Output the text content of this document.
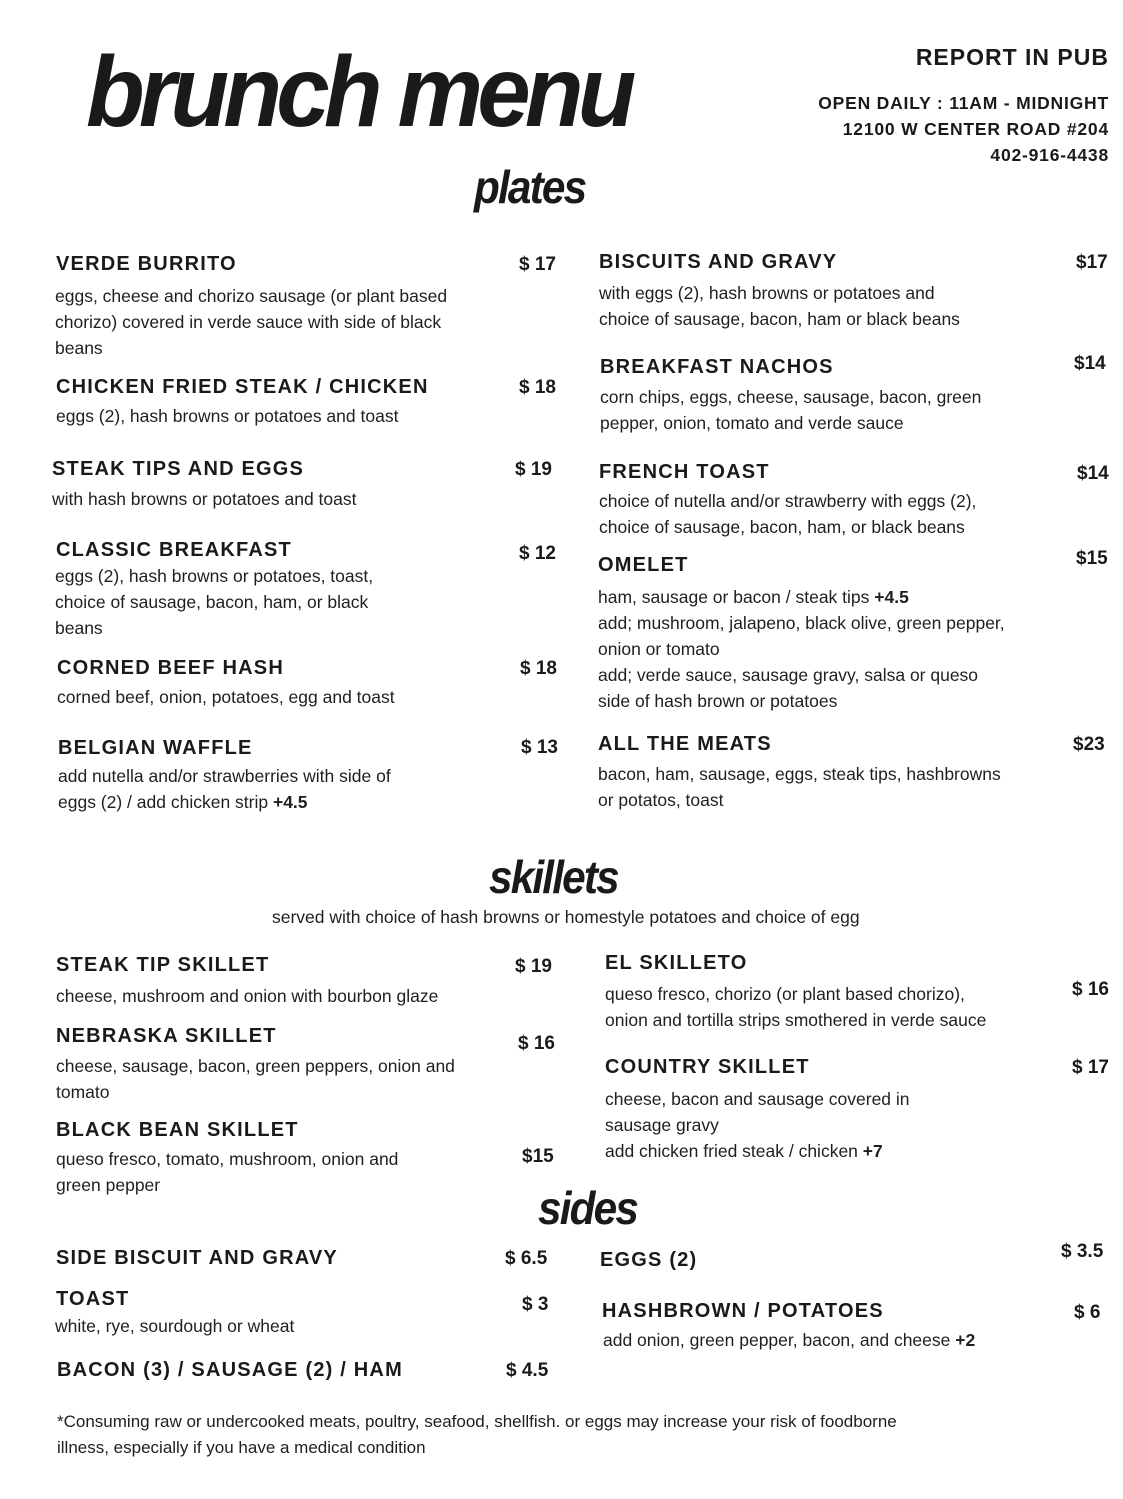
brunch menu	REPORT IN PUB
OPEN DAILY : 11AM - MIDNIGHT
12100 W CENTER ROAD #204
402-916-4438
plates
VERDE BURRITO	$ 17
eggs, cheese and chorizo sausage (or plant based
chorizo) covered in verde sauce with side of black
beans
CHICKEN FRIED STEAK / CHICKEN	$ 18
eggs (2), hash browns or potatoes and toast
STEAK TIPS AND EGGS	$ 19
with hash browns or potatoes and toast
CLASSIC BREAKFAST	$ 12
eggs (2), hash browns or potatoes, toast,
choice of sausage, bacon, ham, or black
beans
CORNED BEEF HASH	$ 18
corned beef, onion, potatoes, egg and toast
BELGIAN WAFFLE	$ 13
add nutella and/or strawberries with side of
eggs (2) / add chicken strip +4.5
BISCUITS AND GRAVY	$17
with eggs (2), hash browns or potatoes and
choice of sausage, bacon, ham or black beans
BREAKFAST NACHOS	$14
corn chips, eggs, cheese, sausage, bacon, green
pepper, onion, tomato and verde sauce
FRENCH TOAST	$14
choice of nutella and/or strawberry with eggs (2),
choice of sausage, bacon, ham, or black beans
OMELET	$15
ham, sausage or bacon / steak tips +4.5
add; mushroom, jalapeno, black olive, green pepper,
onion or tomato
add; verde sauce, sausage gravy, salsa or queso
side of hash brown or potatoes
ALL THE MEATS	$23
bacon, ham, sausage, eggs, steak tips, hashbrowns
or potatos, toast
skillets
served with choice of hash browns or homestyle potatoes and choice of egg
STEAK TIP SKILLET	$ 19
cheese, mushroom and onion with bourbon glaze
NEBRASKA SKILLET	$ 16
cheese, sausage, bacon, green peppers, onion and
tomato
BLACK BEAN SKILLET
$15
queso fresco, tomato, mushroom, onion and
green pepper
EL SKILLETO
$ 16
queso fresco, chorizo (or plant based chorizo),
onion and tortilla strips smothered in verde sauce
COUNTRY SKILLET	$ 17
cheese, bacon and sausage covered in
sausage gravy
add chicken fried steak / chicken +7
sides
SIDE BISCUIT AND GRAVY	$ 6.5
TOAST	$ 3
white, rye, sourdough or wheat
BACON (3) / SAUSAGE (2) / HAM	$ 4.5
EGGS (2)	$ 3.5
HASHBROWN / POTATOES	$ 6
add onion, green pepper, bacon, and cheese +2
*Consuming raw or undercooked meats, poultry, seafood, shellfish. or eggs may increase your risk of foodborne
illness, especially if you have a medical condition
